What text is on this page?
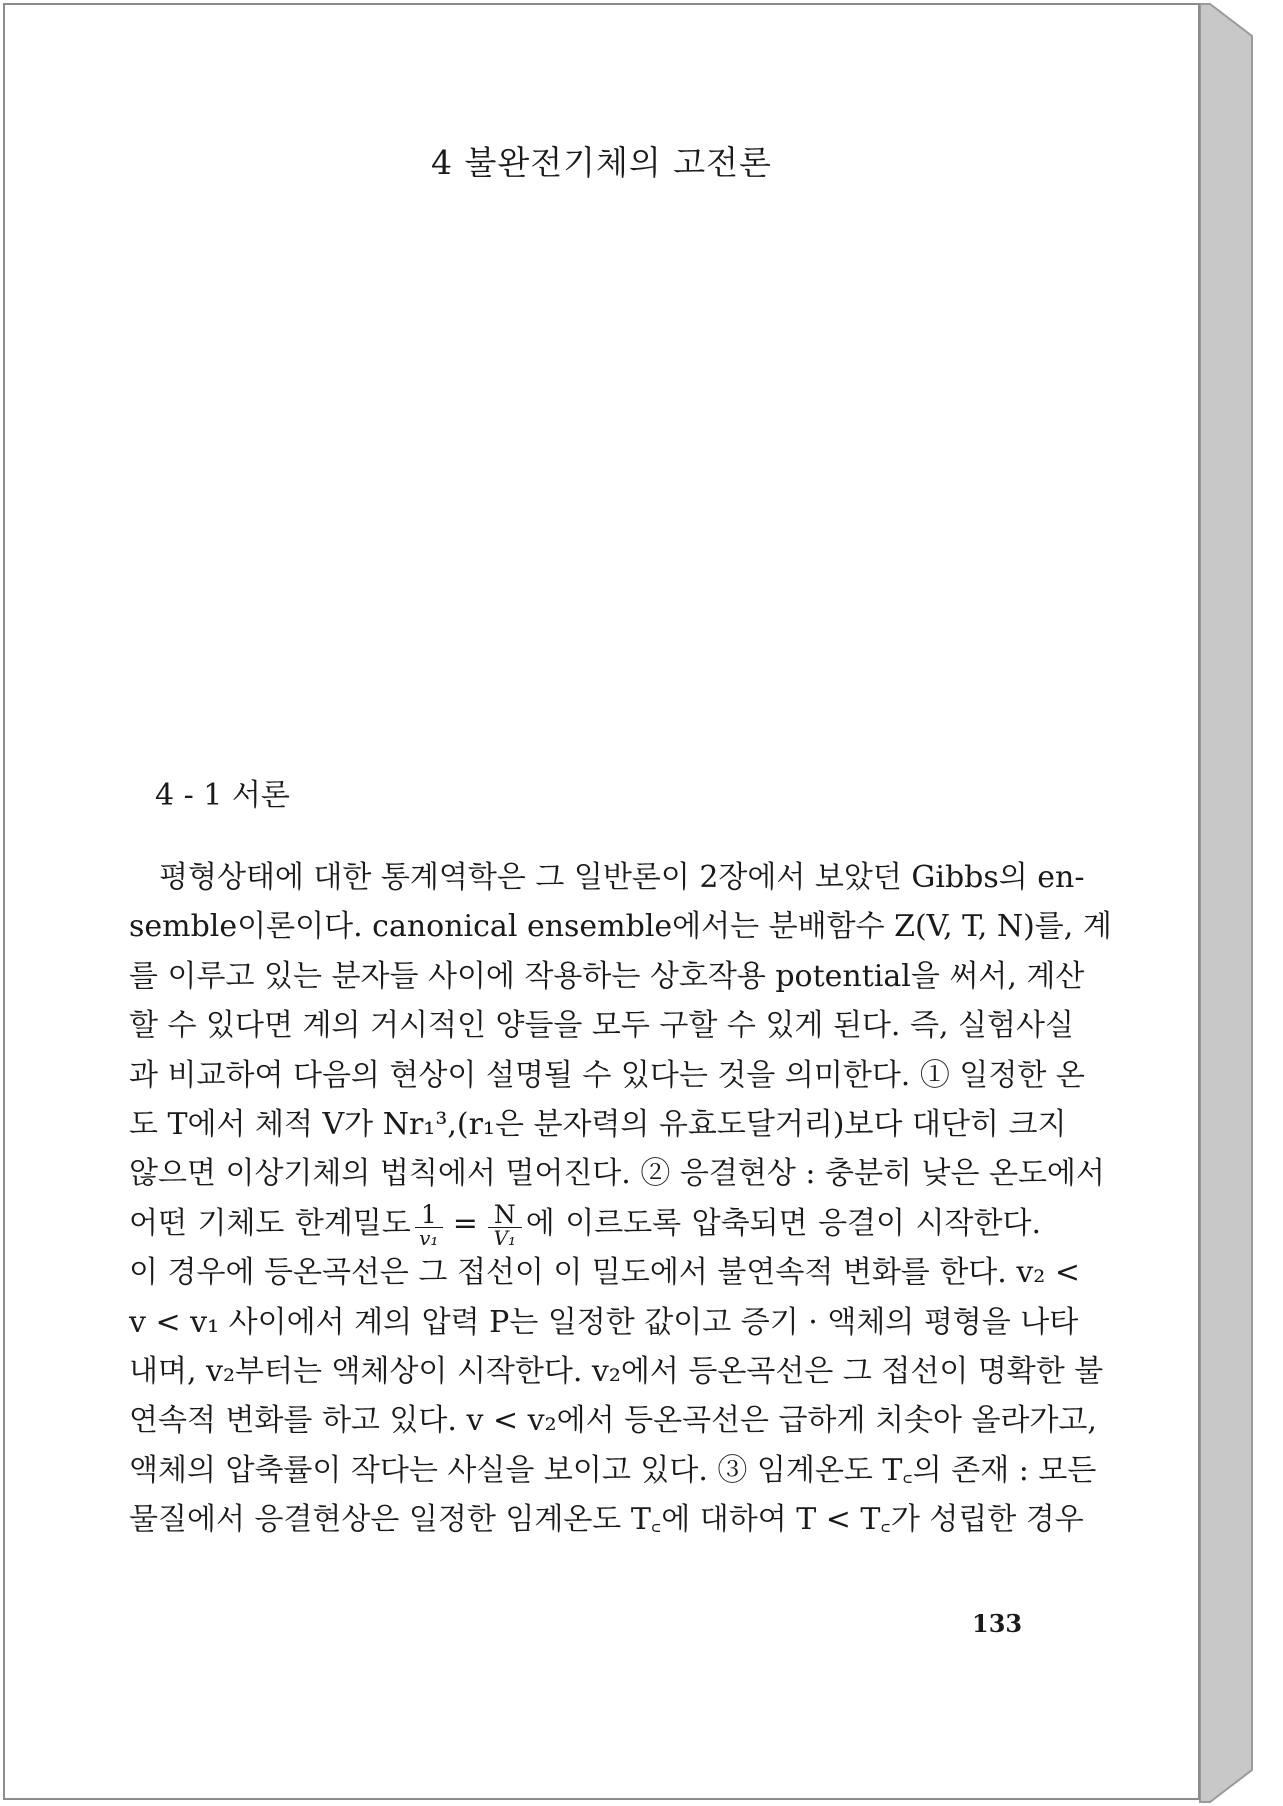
4 불완전기체의 고전론
4 - 1 서론
평형상태에 대한 통계역학은 그 일반론이 2장에서 보았던 Gibbs의 en-
semble이론이다. canonical ensemble에서는 분배함수 Z(V, T, N)를, 계
를 이루고 있는 분자들 사이에 작용하는 상호작용 potential을 써서, 계산
할 수 있다면 계의 거시적인 양들을 모두 구할 수 있게 된다. 즉, 실험사실
과 비교하여 다음의 현상이 설명될 수 있다는 것을 의미한다. ① 일정한 온
도 T에서 체적 V가 Nr₁³,(r₁은 분자력의 유효도달거리)보다 대단히 크지
않으면 이상기체의 법칙에서 멀어진다. ② 응결현상 : 충분히 낮은 온도에서
어떤 기체도 한계밀도 $\frac{1}{\text{v₁}} = \frac{N}{\text{V₁}}$ 에 이르도록 압축되면 응결이 시작한다.
이 경우에 등온곡선은 그 접선이 이 밀도에서 불연속적 변화를 한다. v₂ <
v < v₁ 사이에서 계의 압력 P는 일정한 값이고 증기 · 액체의 평형을 나타
내며, v₂부터는 액체상이 시작한다. v₂에서 등온곡선은 그 접선이 명확한 불
연속적 변화를 하고 있다. v < v₂에서 등온곡선은 급하게 치솟아 올라가고,
액체의 압축률이 작다는 사실을 보이고 있다. ③ 임계온도 T꜀의 존재 : 모든
물질에서 응결현상은 일정한 임계온도 T꜀에 대하여 T < T꜀가 성립한 경우
133
